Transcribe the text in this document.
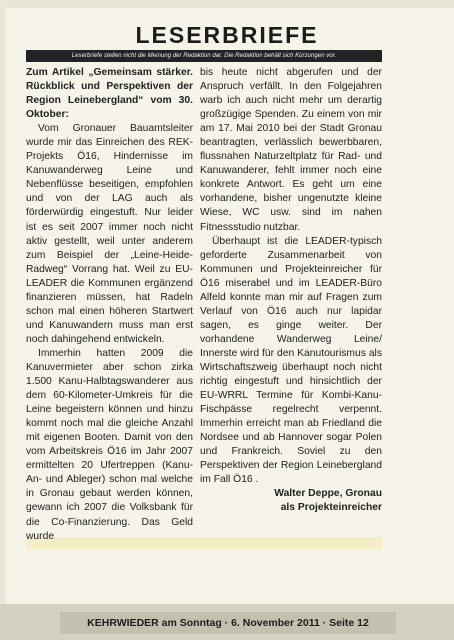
LESERBRIEFE
Leserbriefe stellen nicht die Meinung der Redaktion dar. Die Redaktion behält sich Kürzungen vor.

Zum Artikel „Gemeinsam stärker. Rückblick und Perspektiven der Region Leinebergland“ vom 30. Oktober:

Vom Gronauer Bauamtsleiter wurde mir das Einreichen des REK-Projekts Ö16, Hindernisse im Kanuwanderweg Leine und Nebenflüsse beseitigen, empfohlen und von der LAG auch als förderwürdig eingestuft. Nur leider ist es seit 2007 immer noch nicht aktiv gestellt, weil unter anderem zum Beispiel der „Leine-Heide-Radweg“ Vorrang hat. Weil zu EU-LEADER die Kommunen ergänzend finanzieren müssen, hat Radeln schon mal einen höheren Startwert und Kanuwandern muss man erst noch dahingehend entwickeln.

Immerhin hatten 2009 die Kanuvermieter aber schon zirka 1.500 Kanu-Halbtagswanderer aus dem 60-Kilometer-Umkreis für die Leine begeistern können und hinzu kommt noch mal die gleiche Anzahl mit eigenen Booten. Damit von den vom Arbeitskreis Ö16 im Jahr 2007 ermittelten 20 Ufertreppen (Kanu-An- und Ableger) schon mal welche in Gronau gebaut werden können, gewann ich 2007 die Volksbank für die Co-Finanzierung. Das Geld wurde

bis heute nicht abgerufen und der Anspruch verfällt. In den Folgejahren warb ich auch nicht mehr um derartig großzügige Spenden. Zu einem von mir am 17. Mai 2010 bei der Stadt Gronau beantragten, verlässlich bewerbbaren, flussnahen Naturzeltplatz für Rad- und Kanuwanderer, fehlt immer noch eine konkrete Antwort. Es geht um eine vorhandene, bisher ungenutzte kleine Wiese, WC usw. sind im nahen Fitnessstudio nutzbar.

Überhaupt ist die LEADER-typisch geforderte Zusammenarbeit von Kommunen und Projekteinreicher für Ö16 miserabel und im LEADER-Büro Alfeld konnte man mir auf Fragen zum Verlauf von Ö16 auch nur lapidar sagen, es ginge weiter. Der vorhandene Wanderweg Leine/ Innerste wird für den Kanutourismus als Wirtschaftszweig überhaupt noch nicht richtig eingestuft und hinsichtlich der EU-WRRL Termine für Kombi-Kanu-Fischpässe regelrecht verpennt. Immerhin erreicht man ab Friedland die Nordsee und ab Hannover sogar Polen und Frankreich. Soviel zu den Perspektiven der Region Leinebergland im Fall Ö16 .

Walter Deppe, Gronau

als Projekteinreicher

KEHRWIEDER am Sonntag · 6. November 2011 · Seite 12
